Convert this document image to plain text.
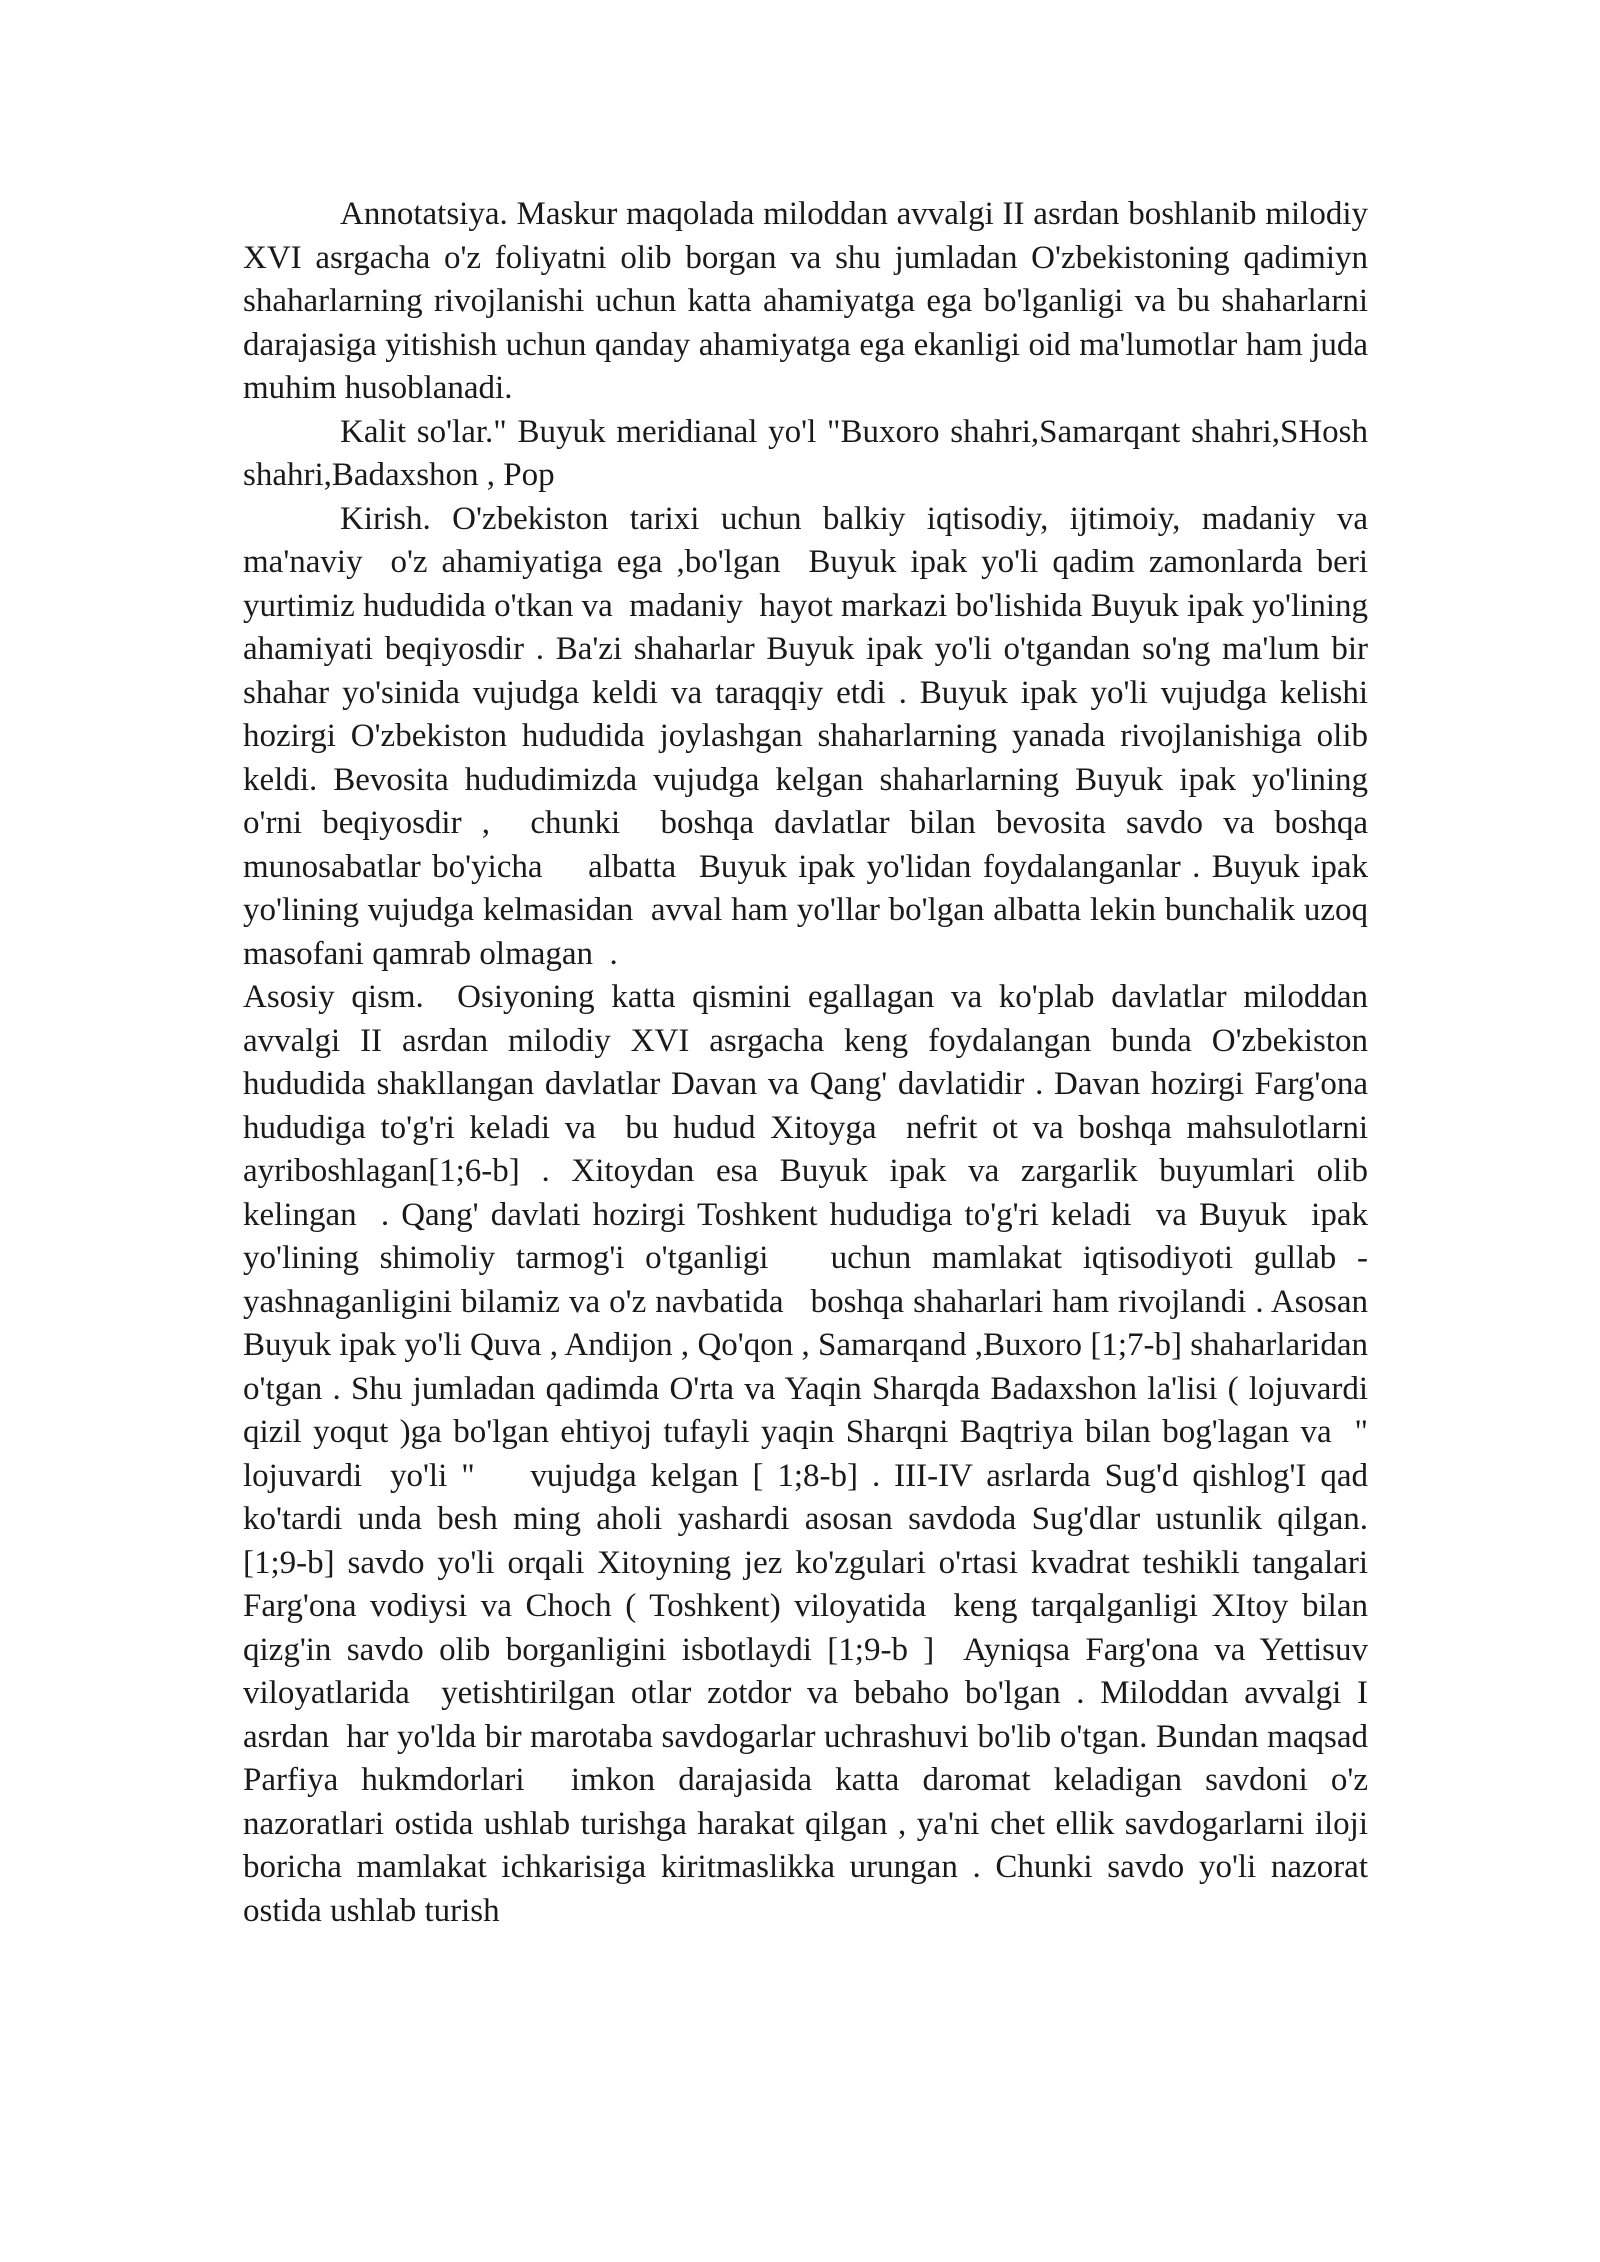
Annotatsiya. Maskur maqolada miloddan avvalgi II asrdan boshlanib milodiy XVI asrgacha o'z foliyatni olib borgan va shu jumladan O'zbekistoning qadimiyn shaharlarning rivojlanishi uchun katta ahamiyatga ega bo'lganligi va bu shaharlarni darajasiga yitishish uchun qanday ahamiyatga ega ekanligi oid ma'lumotlar ham juda muhim husoblanadi.

Kalit so'lar." Buyuk meridianal yo'l "Buxoro shahri,Samarqant shahri,SHosh shahri,Badaxshon , Pop

Kirish. O'zbekiston tarixi uchun balkiy iqtisodiy, ijtimoiy, madaniy va ma'naviy  o'z ahamiyatiga ega ,bo'lgan  Buyuk ipak yo'li qadim zamonlarda beri yurtimiz hududida o'tkan va  madaniy  hayot markazi bo'lishida Buyuk ipak yo'lining ahamiyati beqiyosdir . Ba'zi shaharlar Buyuk ipak yo'li o'tgandan so'ng ma'lum bir shahar yo'sinida vujudga keldi va taraqqiy etdi . Buyuk ipak yo'li vujudga kelishi hozirgi O'zbekiston hududida joylashgan shaharlarning yanada rivojlanishiga olib keldi. Bevosita hududimizda vujudga kelgan shaharlarning Buyuk ipak yo'lining o'rni beqiyosdir ,  chunki  boshqa davlatlar bilan bevosita savdo va boshqa munosabatlar bo'yicha    albatta  Buyuk ipak yo'lidan foydalanganlar . Buyuk ipak yo'lining vujudga kelmasidan  avval ham yo'llar bo'lgan albatta lekin bunchalik uzoq masofani qamrab olmagan  .

Asosiy qism.  Osiyoning katta qismini egallagan va ko'plab davlatlar miloddan avvalgi II asrdan milodiy XVI asrgacha keng foydalangan bunda O'zbekiston hududida shakllangan davlatlar Davan va Qang' davlatidir . Davan hozirgi Farg'ona hududiga to'g'ri keladi va  bu hudud Xitoyga  nefrit ot va boshqa mahsulotlarni ayriboshlagan[1;6-b] . Xitoydan esa Buyuk ipak va zargarlik buyumlari olib kelingan  . Qang' davlati hozirgi Toshkent hududiga to'g'ri keladi  va Buyuk  ipak yo'lining shimoliy tarmog'i o'tganligi   uchun mamlakat iqtisodiyoti gullab -yashnaganligini bilamiz va o'z navbatida   boshqa shaharlari ham rivojlandi . Asosan Buyuk ipak yo'li Quva , Andijon , Qo'qon , Samarqand ,Buxoro [1;7-b] shaharlaridan o'tgan . Shu jumladan qadimda O'rta va Yaqin Sharqda Badaxshon la'lisi ( lojuvardi qizil yoqut )ga bo'lgan ehtiyoj tufayli yaqin Sharqni Baqtriya bilan bog'lagan va  " lojuvardi  yo'li "    vujudga kelgan [ 1;8-b] . III-IV asrlarda Sug'd qishlog'I qad ko'tardi unda besh ming aholi yashardi asosan savdoda Sug'dlar ustunlik qilgan. [1;9-b] savdo yo'li orqali Xitoyning jez ko'zgulari o'rtasi kvadrat teshikli tangalari Farg'ona vodiysi va Choch ( Toshkent) viloyatida  keng tarqalganligi XItoy bilan qizg'in savdo olib borganligini isbotlaydi [1;9-b ]  Ayniqsa Farg'ona va Yettisuv viloyatlarida  yetishtirilgan otlar zotdor va bebaho bo'lgan . Miloddan avvalgi I asrdan  har yo'lda bir marotaba savdogarlar uchrashuvi bo'lib o'tgan. Bundan maqsad Parfiya hukmdorlari  imkon darajasida katta daromat keladigan savdoni o'z nazoratlari ostida ushlab turishga harakat qilgan , ya'ni chet ellik savdogarlarni iloji boricha mamlakat ichkarisiga kiritmaslikka urungan . Chunki savdo yo'li nazorat ostida ushlab turish
